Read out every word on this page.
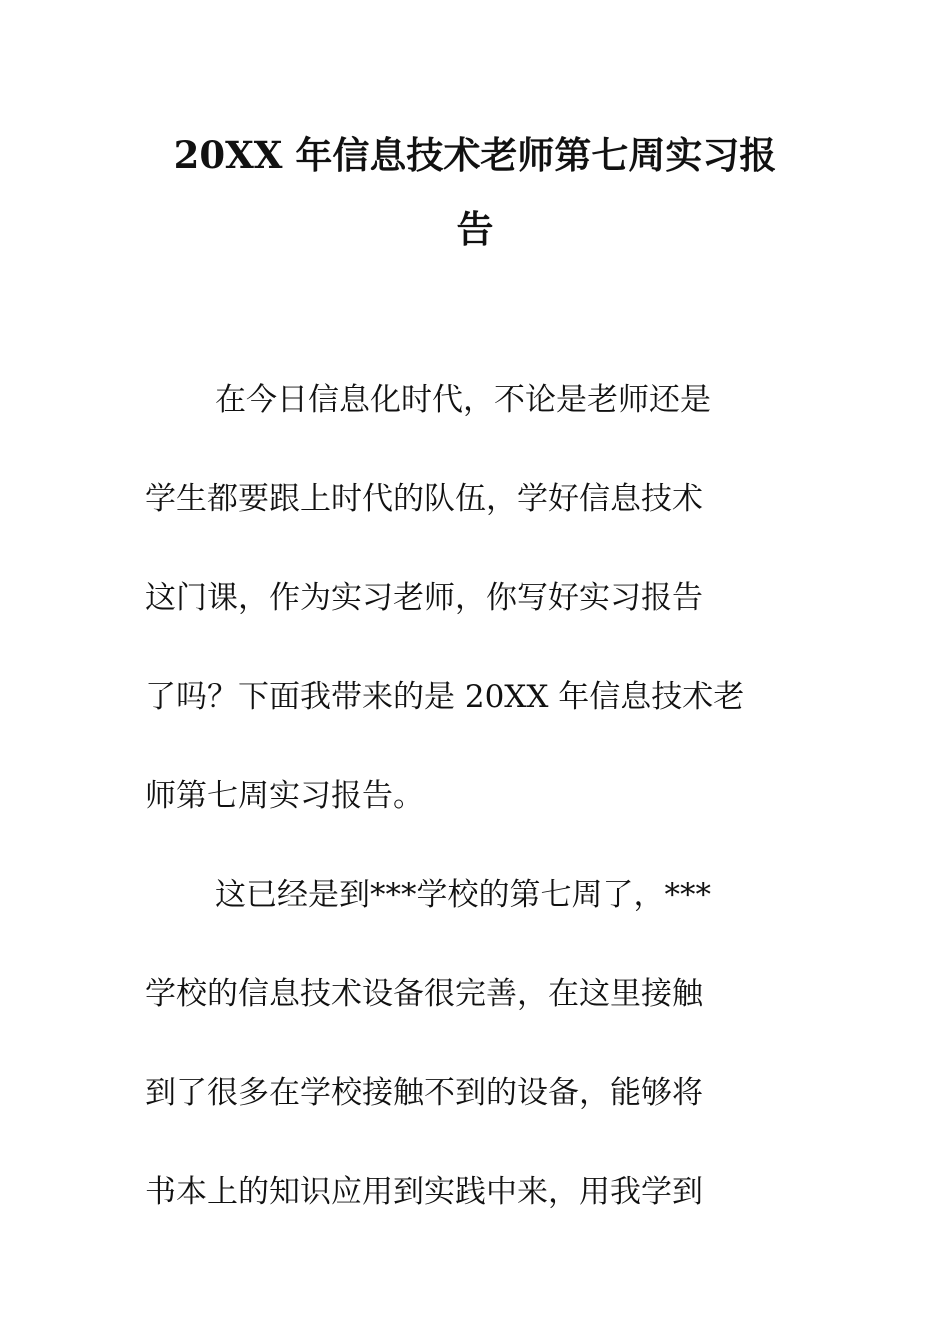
20XX 年信息技术老师第七周实习报
告
在今日信息化时代，不论是老师还是
学生都要跟上时代的队伍，学好信息技术
这门课，作为实习老师，你写好实习报告
了吗？下面我带来的是 20XX 年信息技术老
师第七周实习报告。
这已经是到***学校的第七周了，***
学校的信息技术设备很完善，在这里接触
到了很多在学校接触不到的设备，能够将
书本上的知识应用到实践中来，用我学到
